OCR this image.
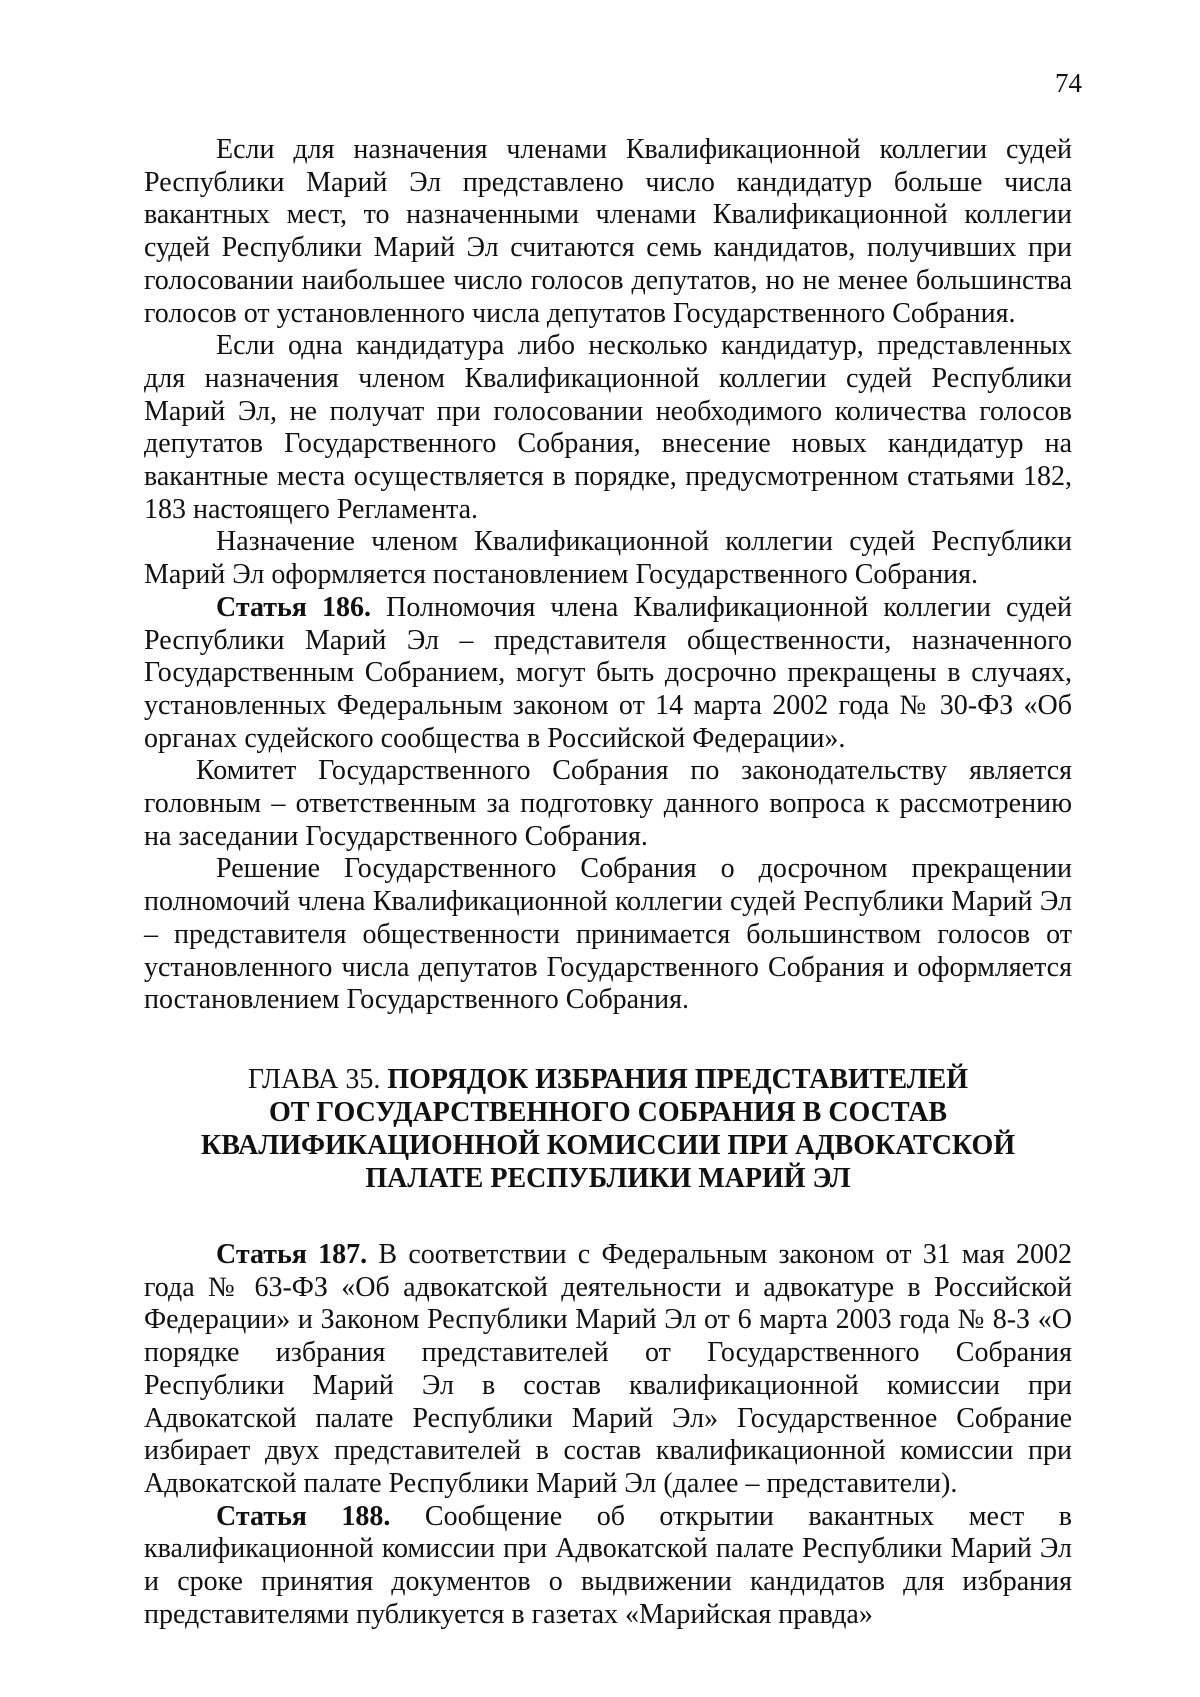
74

Если для назначения членами Квалификационной коллегии судей Республики Марий Эл представлено число кандидатур больше числа вакантных мест, то назначенными членами Квалификационной коллегии судей Республики Марий Эл считаются семь кандидатов, получивших при голосовании наибольшее число голосов депутатов, но не менее большинства голосов от установленного числа депутатов Государственного Собрания.

Если одна кандидатура либо несколько кандидатур, представленных для назначения членом Квалификационной коллегии судей Республики Марий Эл, не получат при голосовании необходимого количества голосов депутатов Государственного Собрания, внесение новых кандидатур на вакантные места осуществляется в порядке, предусмотренном статьями 182, 183 настоящего Регламента.

Назначение членом Квалификационной коллегии судей Республики Марий Эл оформляется постановлением Государственного Собрания.

Статья 186. Полномочия члена Квалификационной коллегии судей Республики Марий Эл – представителя общественности, назначенного Государственным Собранием, могут быть досрочно прекращены в случаях, установленных Федеральным законом от 14 марта 2002 года № 30-ФЗ «Об органах судейского сообщества в Российской Федерации».

Комитет Государственного Собрания по законодательству является головным – ответственным за подготовку данного вопроса к рассмотрению на заседании Государственного Собрания.

Решение Государственного Собрания о досрочном прекращении полномочий члена Квалификационной коллегии судей Республики Марий Эл – представителя общественности принимается большинством голосов от установленного числа депутатов Государственного Собрания и оформляется постановлением Государственного Собрания.

ГЛАВА 35. ПОРЯДОК ИЗБРАНИЯ ПРЕДСТАВИТЕЛЕЙ
ОТ ГОСУДАРСТВЕННОГО СОБРАНИЯ В СОСТАВ
КВАЛИФИКАЦИОННОЙ КОМИССИИ ПРИ АДВОКАТСКОЙ
ПАЛАТЕ РЕСПУБЛИКИ МАРИЙ ЭЛ

Статья 187. В соответствии с Федеральным законом от 31 мая 2002 года № 63-ФЗ «Об адвокатской деятельности и адвокатуре в Российской Федерации» и Законом Республики Марий Эл от 6 марта 2003 года № 8-З «О порядке избрания представителей от Государственного Собрания Республики Марий Эл в состав квалификационной комиссии при Адвокатской палате Республики Марий Эл» Государственное Собрание избирает двух представителей в состав квалификационной комиссии при Адвокатской палате Республики Марий Эл (далее – представители).

Статья 188. Сообщение об открытии вакантных мест в квалификационной комиссии при Адвокатской палате Республики Марий Эл и сроке принятия документов о выдвижении кандидатов для избрания представителями публикуется в газетах «Марийская правда»
